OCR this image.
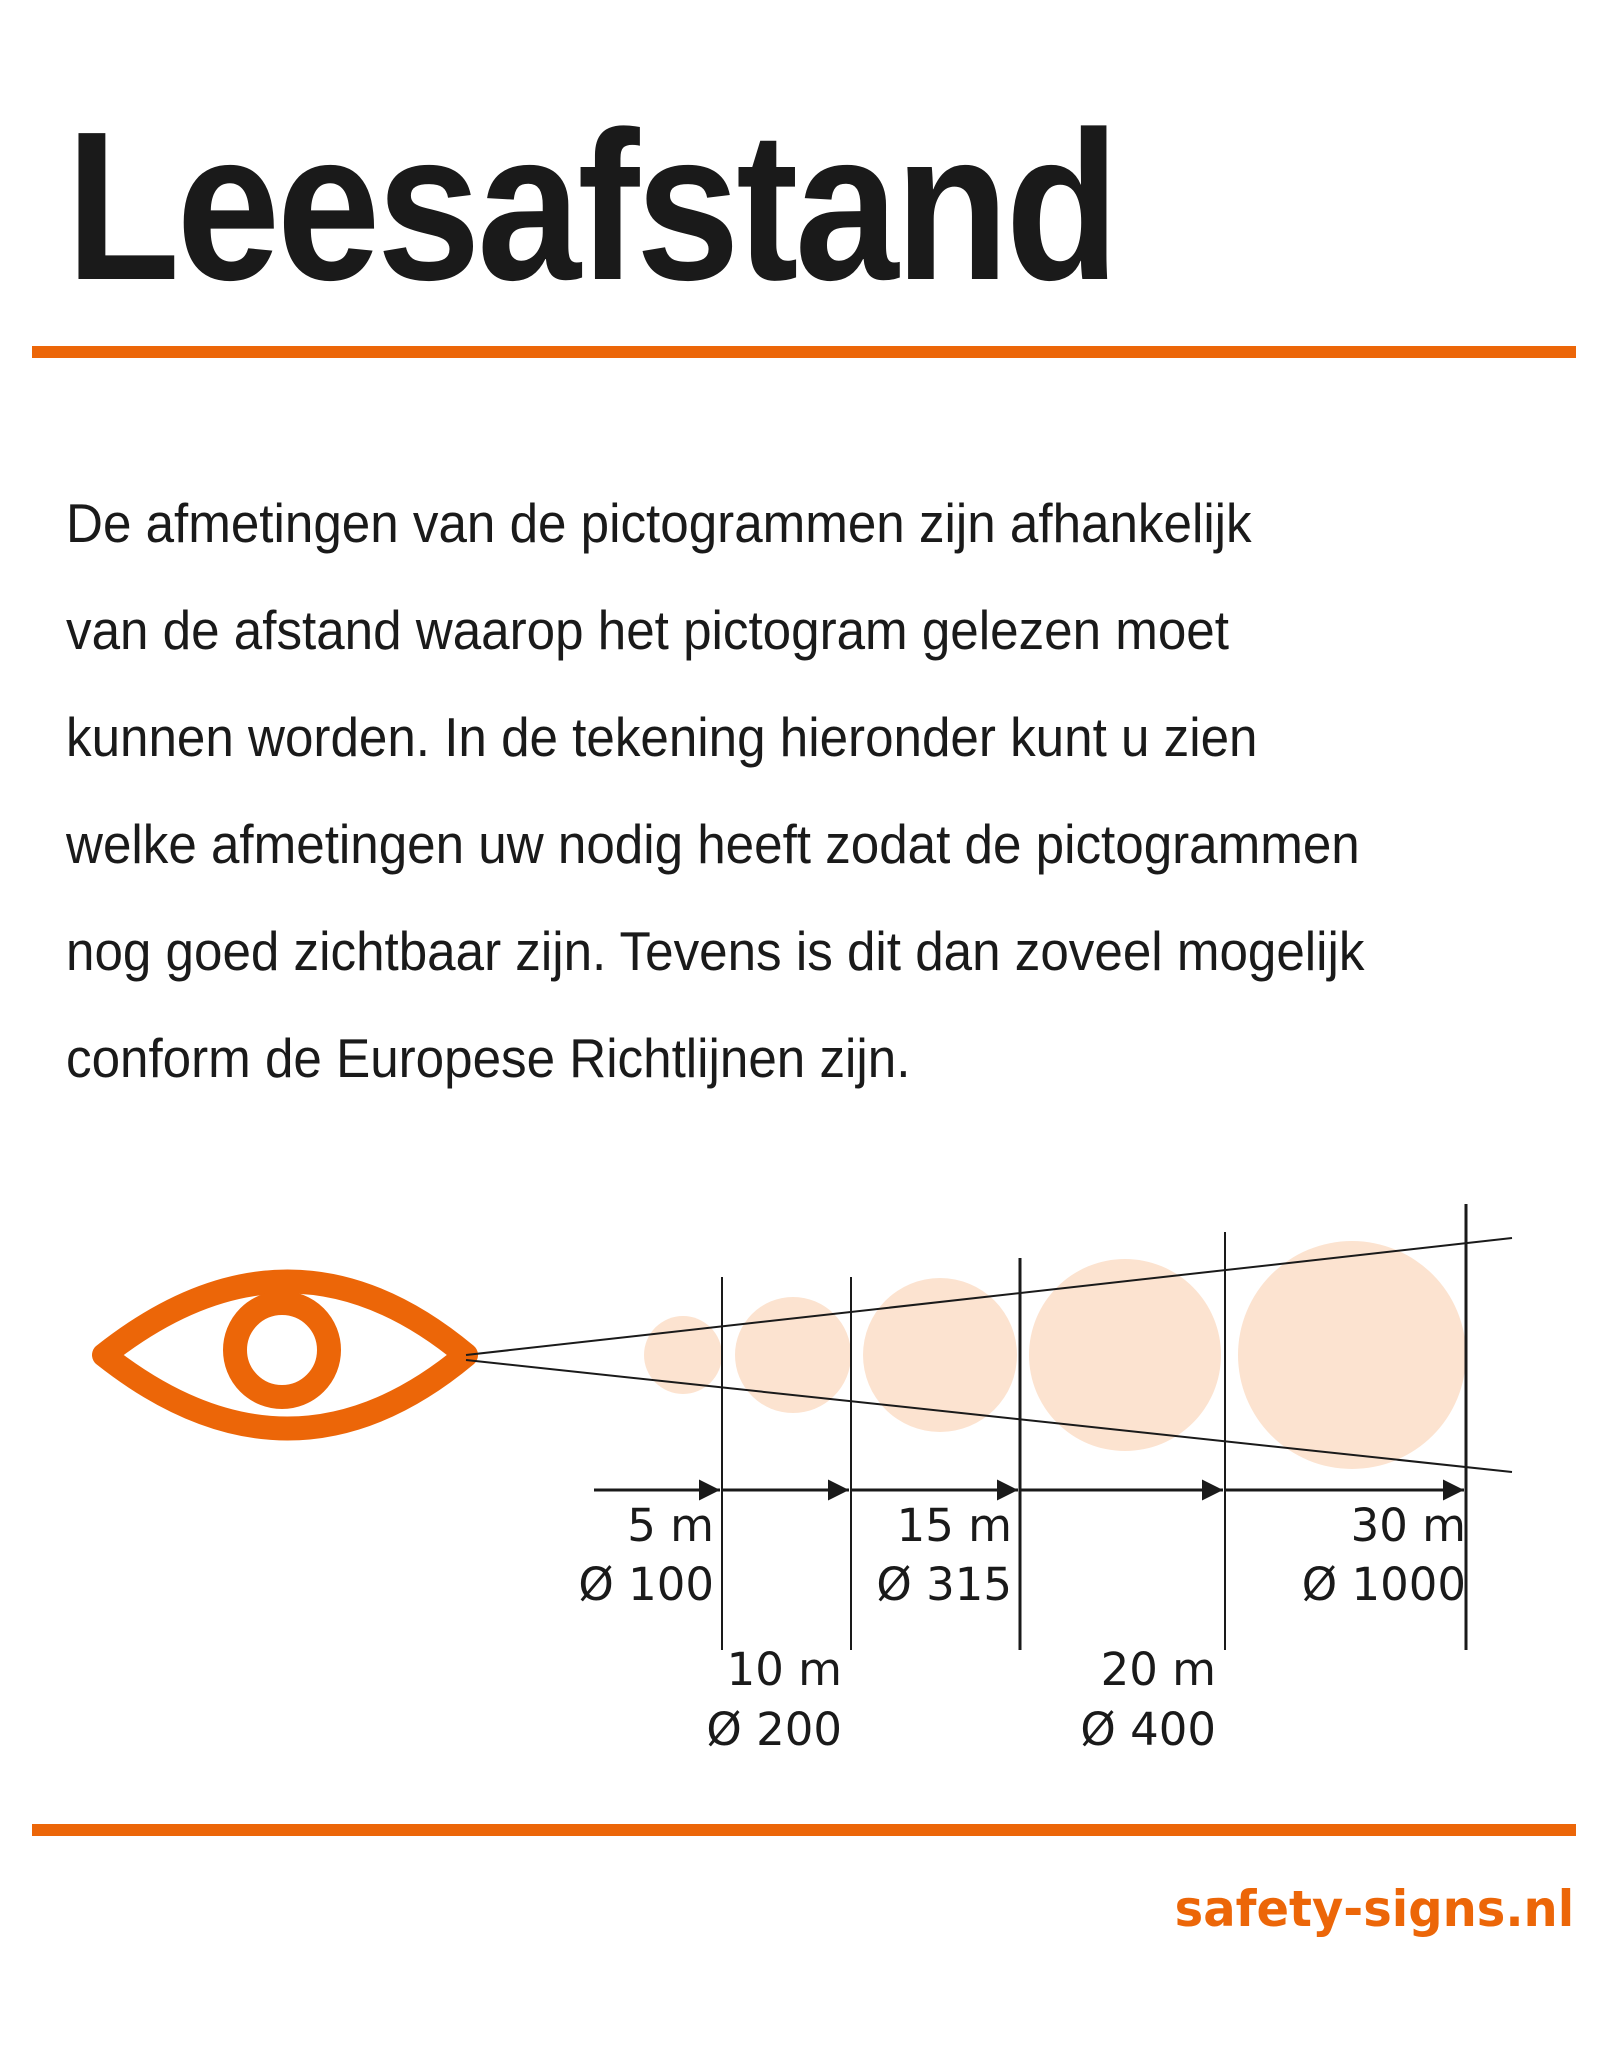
Leesafstand
De afmetingen van de pictogrammen zijn afhankelijk
van de afstand waarop het pictogram gelezen moet
kunnen worden. In de tekening hieronder kunt u zien
welke afmetingen uw nodig heeft zodat de pictogrammen
nog goed zichtbaar zijn. Tevens is dit dan zoveel mogelijk
conform de Europese Richtlijnen zijn.
5 m
Ø 100
10 m
Ø 200
15 m
Ø 315
20 m
Ø 400
30 m
Ø 1000
safety-signs.nl
